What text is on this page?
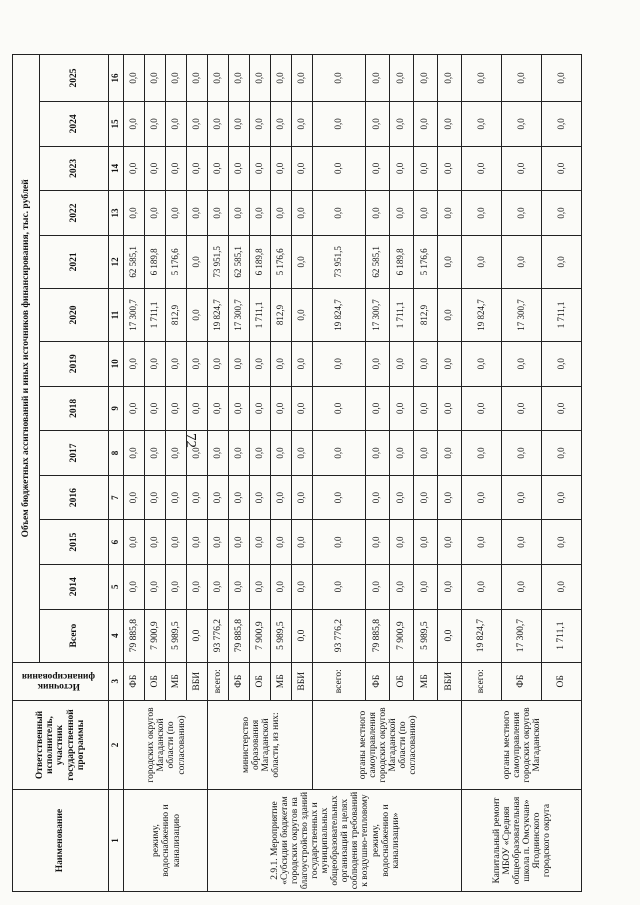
72
Наименование	Ответственный исполнитель, участник государственной программы	Источник финансирования	Объем бюджетных ассигнований и иных источников финансирования, тыс. рублей												
			Всего	2014	2015	2016	2017	2018	2019	2020	2021	2022	2023	2024	2025
1	2	3	4	5	6	7	8	9	10	11	12	13	14	15	16
режиму, водоснабжению и канализацию	городских округов Магаданской области (по согласованию)	ФБ	79 885,8	0,0	0,0	0,0	0,0	0,0	0,0	17 300,7	62 585,1	0,0	0,0	0,0	0,0
		ОБ	7 900,9	0,0	0,0	0,0	0,0	0,0	0,0	1 711,1	6 189,8	0,0	0,0	0,0	0,0
		МБ	5 989,5	0,0	0,0	0,0	0,0	0,0	0,0	812,9	5 176,6	0,0	0,0	0,0	0,0
		ВБИ	0,0	0,0	0,0	0,0	0,0	0,0	0,0	0,0	0,0	0,0	0,0	0,0	0,0
2.9.1. Мероприятие «Субсидии бюджетам городских округов на благоустройство зданий государственных и муниципальных общеобразовательных организаций в целях соблюдения требований к воздушно-тепловому режиму, водоснабжению и канализации»	министерство образования Магаданской области, из них:	всего:	93 776,2	0,0	0,0	0,0	0,0	0,0	0,0	19 824,7	73 951,5	0,0	0,0	0,0	0,0
		ФБ	79 885,8	0,0	0,0	0,0	0,0	0,0	0,0	17 300,7	62 585,1	0,0	0,0	0,0	0,0
		ОБ	7 900,9	0,0	0,0	0,0	0,0	0,0	0,0	1 711,1	6 189,8	0,0	0,0	0,0	0,0
		МБ	5 989,5	0,0	0,0	0,0	0,0	0,0	0,0	812,9	5 176,6	0,0	0,0	0,0	0,0
		ВБИ	0,0	0,0	0,0	0,0	0,0	0,0	0,0	0,0	0,0	0,0	0,0	0,0	0,0
	органы местного самоуправления городских округов Магаданской области (по согласованию)	всего:	93 776,2	0,0	0,0	0,0	0,0	0,0	0,0	19 824,7	73 951,5	0,0	0,0	0,0	0,0
		ФБ	79 885,8	0,0	0,0	0,0	0,0	0,0	0,0	17 300,7	62 585,1	0,0	0,0	0,0	0,0
		ОБ	7 900,9	0,0	0,0	0,0	0,0	0,0	0,0	1 711,1	6 189,8	0,0	0,0	0,0	0,0
		МБ	5 989,5	0,0	0,0	0,0	0,0	0,0	0,0	812,9	5 176,6	0,0	0,0	0,0	0,0
		ВБИ	0,0	0,0	0,0	0,0	0,0	0,0	0,0	0,0	0,0	0,0	0,0	0,0	0,0
Капитальный ремонт МБОУ «Средняя общеобразовательная школа п. Омсукчан» Ягоднинского городского округа	органы местного самоуправления городских округов Магаданской	всего:	19 824,7	0,0	0,0	0,0	0,0	0,0	0,0	19 824,7	0,0	0,0	0,0	0,0	0,0
		ФБ	17 300,7	0,0	0,0	0,0	0,0	0,0	0,0	17 300,7	0,0	0,0	0,0	0,0	0,0
		ОБ	1 711,1	0,0	0,0	0,0	0,0	0,0	0,0	1 711,1	0,0	0,0	0,0	0,0	0,0
